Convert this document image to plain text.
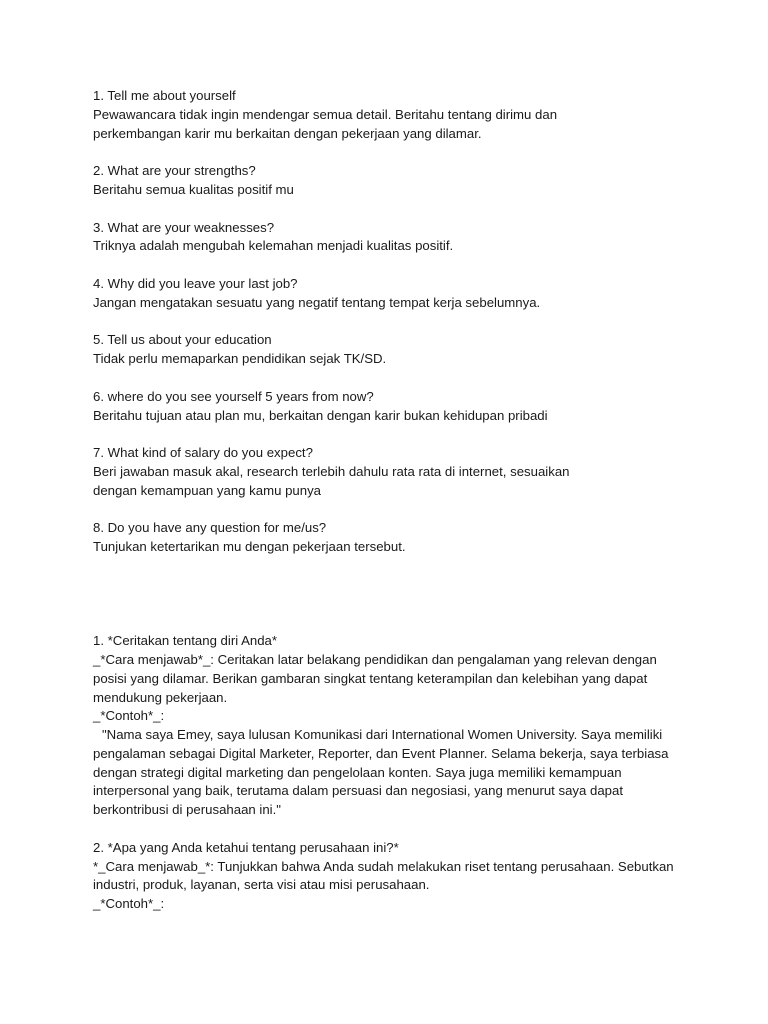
1. Tell me about yourself
Pewawancara tidak ingin mendengar semua detail. Beritahu tentang dirimu dan
perkembangan karir mu berkaitan dengan pekerjaan yang dilamar.
2. What are your strengths?
Beritahu semua kualitas positif mu
3. What are your weaknesses?
Triknya adalah mengubah kelemahan menjadi kualitas positif.
4. Why did you leave your last job?
Jangan mengatakan sesuatu yang negatif tentang tempat kerja sebelumnya.
5. Tell us about your education
Tidak perlu memaparkan pendidikan sejak TK/SD.
6. where do you see yourself 5 years from now?
Beritahu tujuan atau plan mu, berkaitan dengan karir bukan kehidupan pribadi
7. What kind of salary do you expect?
Beri jawaban masuk akal, research terlebih dahulu rata rata di internet, sesuaikan
dengan kemampuan yang kamu punya
8. Do you have any question for me/us?
Tunjukan ketertarikan mu dengan pekerjaan tersebut.
1. *Ceritakan tentang diri Anda*
_*Cara menjawab*_: Ceritakan latar belakang pendidikan dan pengalaman yang relevan dengan
posisi yang dilamar. Berikan gambaran singkat tentang keterampilan dan kelebihan yang dapat
mendukung pekerjaan.
_*Contoh*_:
"Nama saya Emey, saya lulusan Komunikasi dari International Women University. Saya memiliki
pengalaman sebagai Digital Marketer, Reporter, dan Event Planner. Selama bekerja, saya terbiasa
dengan strategi digital marketing dan pengelolaan konten. Saya juga memiliki kemampuan
interpersonal yang baik, terutama dalam persuasi dan negosiasi, yang menurut saya dapat
berkontribusi di perusahaan ini."
2. *Apa yang Anda ketahui tentang perusahaan ini?*
*_Cara menjawab_*: Tunjukkan bahwa Anda sudah melakukan riset tentang perusahaan. Sebutkan
industri, produk, layanan, serta visi atau misi perusahaan.
_*Contoh*_:
